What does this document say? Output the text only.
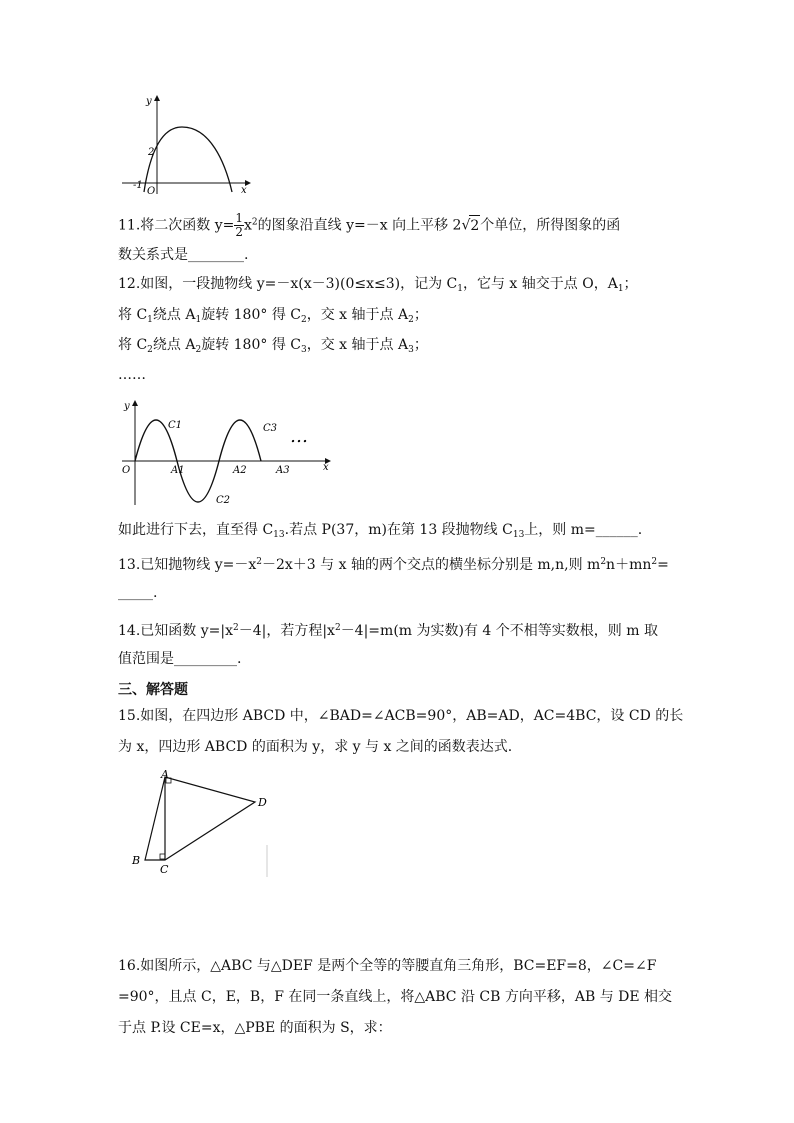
y
x
O
2
-1
11.将二次函数 $y= \frac{1}{2} x^2$的图象沿直线 y=－x 向上平移 2√2个单位，所得图象的函
数关系式是________.
12.如图，一段抛物线 y=－x(x－3)(0≤x≤3)，记为 $C_1$，它与 x 轴交于点 O，$A_1$；
将 $C_1$绕点 $A_1$旋转 180° 得 $C_2$，交 x 轴于点 $A_2$；
将 $C_2$绕点 $A_2$旋转 180° 得 $C_3$，交 x 轴于点 $A_3$；
……
y
x
O
C1
C2
C3
A1	A2	A3
…
如此进行下去，直至得 $C_{13}$.若点 P(37，m)在第 13 段抛物线 $C_{13}$上，则 m=______.
13.已知抛物线 $y=-x^2-2x+3$ 与 x 轴的两个交点的横坐标分别是 m,n,则 $m^2n+mn^2=$
_____.
14.已知函数 $y=|x^2-4|$，若方程$|x^2-4|=m(m$ 为实数)有 4 个不相等实数根，则 m 取
值范围是_________.
三、解答题
15.如图，在四边形 ABCD 中，∠BAD=∠ACB=90°，AB=AD，AC=4BC，设 CD 的长
为 x，四边形 ABCD 的面积为 y，求 y 与 x 之间的函数表达式.
A
B
C
D
16.如图所示，△ABC 与△DEF 是两个全等的等腰直角三角形，BC=EF=8，∠C=∠F
=90°，且点 C，E，B，F 在同一条直线上，将△ABC 沿 CB 方向平移，AB 与 DE 相交
于点 P.设 CE=x，△PBE 的面积为 S，求：
